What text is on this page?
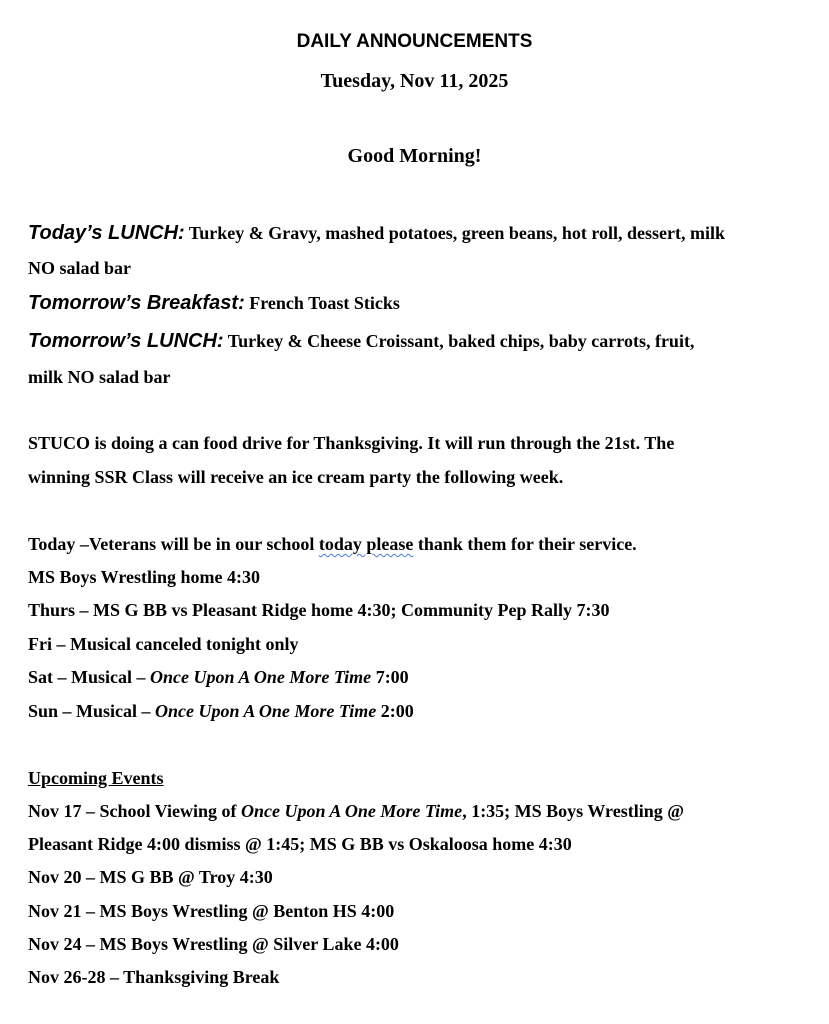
DAILY ANNOUNCEMENTS
Tuesday, Nov 11, 2025
Good Morning!
Today’s LUNCH: Turkey & Gravy, mashed potatoes, green beans, hot roll, dessert, milk
NO salad bar
Tomorrow’s Breakfast: French Toast Sticks
Tomorrow’s LUNCH: Turkey & Cheese Croissant, baked chips, baby carrots, fruit,
milk NO salad bar
STUCO is doing a can food drive for Thanksgiving. It will run through the 21st. The
winning SSR Class will receive an ice cream party the following week.
Today –Veterans will be in our school today please thank them for their service.
MS Boys Wrestling home 4:30
Thurs – MS G BB vs Pleasant Ridge home 4:30; Community Pep Rally 7:30
Fri – Musical canceled tonight only
Sat – Musical – Once Upon A One More Time 7:00
Sun – Musical – Once Upon A One More Time 2:00
Upcoming Events
Nov 17 – School Viewing of Once Upon A One More Time, 1:35; MS Boys Wrestling @
Pleasant Ridge 4:00 dismiss @ 1:45; MS G BB vs Oskaloosa home 4:30
Nov 20 – MS G BB @ Troy 4:30
Nov 21 – MS Boys Wrestling @ Benton HS 4:00
Nov 24 – MS Boys Wrestling @ Silver Lake 4:00
Nov 26-28 – Thanksgiving Break
